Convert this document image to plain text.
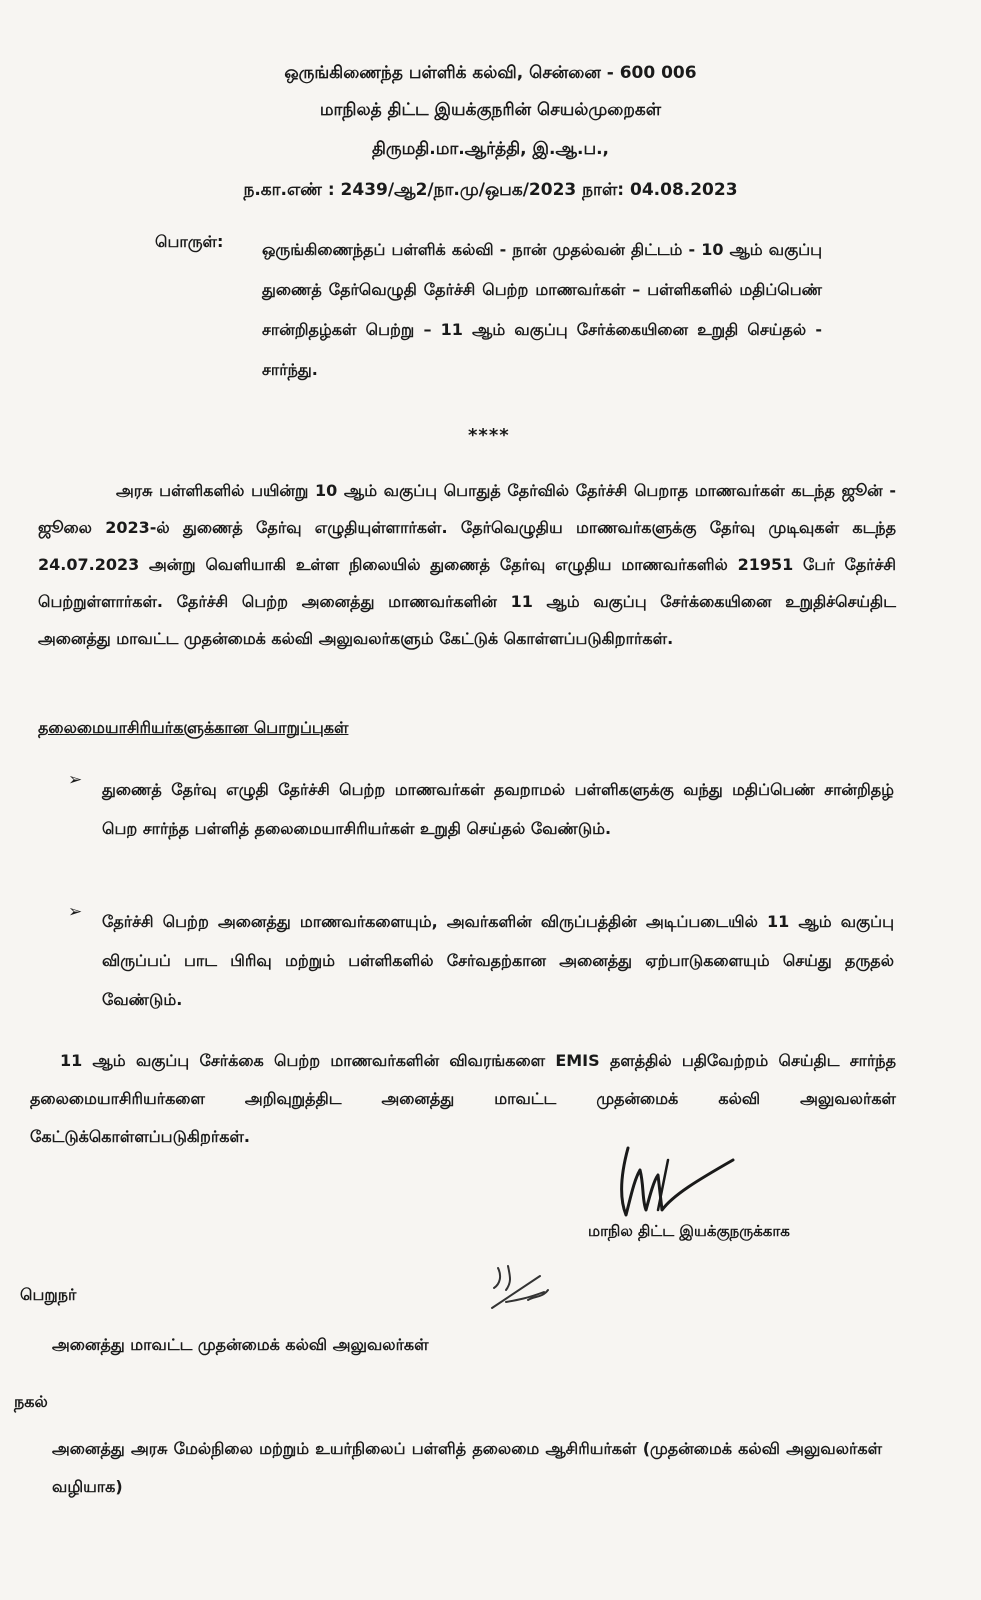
ஒருங்கிணைந்த பள்ளிக் கல்வி, சென்னை - 600 006
மாநிலத் திட்ட இயக்குநரின் செயல்முறைகள்
திருமதி.மா.ஆர்த்தி, இ.ஆ.ப.,
ந.கா.எண் : 2439/ஆ2/நா.மு/ஒபக/2023 நாள்: 04.08.2023
பொருள்: ஒருங்கிணைந்தப் பள்ளிக் கல்வி - நான் முதல்வன் திட்டம் - 10 ஆம் வகுப்பு துணைத் தேர்வெழுதி தேர்ச்சி பெற்ற மாணவர்கள் – பள்ளிகளில் மதிப்பெண் சான்றிதழ்கள் பெற்று – 11 ஆம் வகுப்பு சேர்க்கையினை உறுதி செய்தல் - சார்ந்து.
****
அரசு பள்ளிகளில் பயின்று 10 ஆம் வகுப்பு பொதுத் தேர்வில் தேர்ச்சி பெறாத மாணவர்கள் கடந்த ஜூன் - ஜூலை 2023-ல் துணைத் தேர்வு எழுதியுள்ளார்கள். தேர்வெழுதிய மாணவர்களுக்கு தேர்வு முடிவுகள் கடந்த 24.07.2023 அன்று வெளியாகி உள்ள நிலையில் துணைத் தேர்வு எழுதிய மாணவர்களில் 21951 பேர் தேர்ச்சி பெற்றுள்ளார்கள். தேர்ச்சி பெற்ற அனைத்து மாணவர்களின் 11 ஆம் வகுப்பு சேர்க்கையினை உறுதிச்செய்திட அனைத்து மாவட்ட முதன்மைக் கல்வி அலுவலர்களும் கேட்டுக் கொள்ளப்படுகிறார்கள்.
தலைமையாசிரியர்களுக்கான பொறுப்புகள்
➢ துணைத் தேர்வு எழுதி தேர்ச்சி பெற்ற மாணவர்கள் தவறாமல் பள்ளிகளுக்கு வந்து மதிப்பெண் சான்றிதழ் பெற சார்ந்த பள்ளித் தலைமையாசிரியர்கள் உறுதி செய்தல் வேண்டும்.
➢ தேர்ச்சி பெற்ற அனைத்து மாணவர்களையும், அவர்களின் விருப்பத்தின் அடிப்படையில் 11 ஆம் வகுப்பு விருப்பப் பாட பிரிவு மற்றும் பள்ளிகளில் சேர்வதற்கான அனைத்து ஏற்பாடுகளையும் செய்து தருதல் வேண்டும்.
11 ஆம் வகுப்பு சேர்க்கை பெற்ற மாணவர்களின் விவரங்களை EMIS தளத்தில் பதிவேற்றம் செய்திட சார்ந்த தலைமையாசிரியர்களை அறிவுறுத்திட அனைத்து மாவட்ட முதன்மைக் கல்வி அலுவலர்கள் கேட்டுக்கொள்ளப்படுகிறர்கள்.
மாநில திட்ட இயக்குநருக்காக
பெறுநர்
அனைத்து மாவட்ட முதன்மைக் கல்வி அலுவலர்கள்
நகல்
அனைத்து அரசு மேல்நிலை மற்றும் உயர்நிலைப் பள்ளித் தலைமை ஆசிரியர்கள் (முதன்மைக் கல்வி அலுவலர்கள் வழியாக)
